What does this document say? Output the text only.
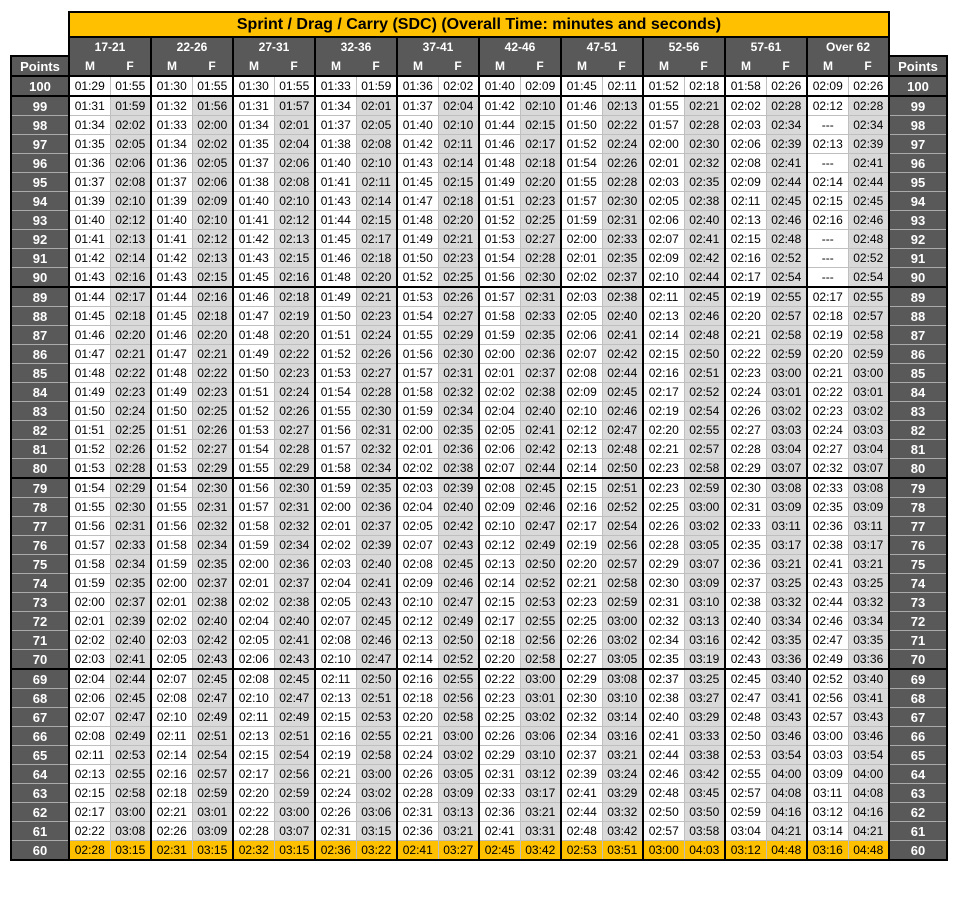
	Sprint / Drag / Carry (SDC) (Overall Time: minutes and seconds)																				
	17-21		22-26		27-31		32-36		37-41		42-46		47-51		52-56		57-61		Over 62		
Points	M	F	M	F	M	F	M	F	M	F	M	F	M	F	M	F	M	F	M	F	Points
100	01:29	01:55	01:30	01:55	01:30	01:55	01:33	01:59	01:36	02:02	01:40	02:09	01:45	02:11	01:52	02:18	01:58	02:26	02:09	02:26	100
99	01:31	01:59	01:32	01:56	01:31	01:57	01:34	02:01	01:37	02:04	01:42	02:10	01:46	02:13	01:55	02:21	02:02	02:28	02:12	02:28	99
98	01:34	02:02	01:33	02:00	01:34	02:01	01:37	02:05	01:40	02:10	01:44	02:15	01:50	02:22	01:57	02:28	02:03	02:34	---	02:34	98
97	01:35	02:05	01:34	02:02	01:35	02:04	01:38	02:08	01:42	02:11	01:46	02:17	01:52	02:24	02:00	02:30	02:06	02:39	02:13	02:39	97
96	01:36	02:06	01:36	02:05	01:37	02:06	01:40	02:10	01:43	02:14	01:48	02:18	01:54	02:26	02:01	02:32	02:08	02:41	---	02:41	96
95	01:37	02:08	01:37	02:06	01:38	02:08	01:41	02:11	01:45	02:15	01:49	02:20	01:55	02:28	02:03	02:35	02:09	02:44	02:14	02:44	95
94	01:39	02:10	01:39	02:09	01:40	02:10	01:43	02:14	01:47	02:18	01:51	02:23	01:57	02:30	02:05	02:38	02:11	02:45	02:15	02:45	94
93	01:40	02:12	01:40	02:10	01:41	02:12	01:44	02:15	01:48	02:20	01:52	02:25	01:59	02:31	02:06	02:40	02:13	02:46	02:16	02:46	93
92	01:41	02:13	01:41	02:12	01:42	02:13	01:45	02:17	01:49	02:21	01:53	02:27	02:00	02:33	02:07	02:41	02:15	02:48	---	02:48	92
91	01:42	02:14	01:42	02:13	01:43	02:15	01:46	02:18	01:50	02:23	01:54	02:28	02:01	02:35	02:09	02:42	02:16	02:52	---	02:52	91
90	01:43	02:16	01:43	02:15	01:45	02:16	01:48	02:20	01:52	02:25	01:56	02:30	02:02	02:37	02:10	02:44	02:17	02:54	---	02:54	90
89	01:44	02:17	01:44	02:16	01:46	02:18	01:49	02:21	01:53	02:26	01:57	02:31	02:03	02:38	02:11	02:45	02:19	02:55	02:17	02:55	89
88	01:45	02:18	01:45	02:18	01:47	02:19	01:50	02:23	01:54	02:27	01:58	02:33	02:05	02:40	02:13	02:46	02:20	02:57	02:18	02:57	88
87	01:46	02:20	01:46	02:20	01:48	02:20	01:51	02:24	01:55	02:29	01:59	02:35	02:06	02:41	02:14	02:48	02:21	02:58	02:19	02:58	87
86	01:47	02:21	01:47	02:21	01:49	02:22	01:52	02:26	01:56	02:30	02:00	02:36	02:07	02:42	02:15	02:50	02:22	02:59	02:20	02:59	86
85	01:48	02:22	01:48	02:22	01:50	02:23	01:53	02:27	01:57	02:31	02:01	02:37	02:08	02:44	02:16	02:51	02:23	03:00	02:21	03:00	85
84	01:49	02:23	01:49	02:23	01:51	02:24	01:54	02:28	01:58	02:32	02:02	02:38	02:09	02:45	02:17	02:52	02:24	03:01	02:22	03:01	84
83	01:50	02:24	01:50	02:25	01:52	02:26	01:55	02:30	01:59	02:34	02:04	02:40	02:10	02:46	02:19	02:54	02:26	03:02	02:23	03:02	83
82	01:51	02:25	01:51	02:26	01:53	02:27	01:56	02:31	02:00	02:35	02:05	02:41	02:12	02:47	02:20	02:55	02:27	03:03	02:24	03:03	82
81	01:52	02:26	01:52	02:27	01:54	02:28	01:57	02:32	02:01	02:36	02:06	02:42	02:13	02:48	02:21	02:57	02:28	03:04	02:27	03:04	81
80	01:53	02:28	01:53	02:29	01:55	02:29	01:58	02:34	02:02	02:38	02:07	02:44	02:14	02:50	02:23	02:58	02:29	03:07	02:32	03:07	80
79	01:54	02:29	01:54	02:30	01:56	02:30	01:59	02:35	02:03	02:39	02:08	02:45	02:15	02:51	02:23	02:59	02:30	03:08	02:33	03:08	79
78	01:55	02:30	01:55	02:31	01:57	02:31	02:00	02:36	02:04	02:40	02:09	02:46	02:16	02:52	02:25	03:00	02:31	03:09	02:35	03:09	78
77	01:56	02:31	01:56	02:32	01:58	02:32	02:01	02:37	02:05	02:42	02:10	02:47	02:17	02:54	02:26	03:02	02:33	03:11	02:36	03:11	77
76	01:57	02:33	01:58	02:34	01:59	02:34	02:02	02:39	02:07	02:43	02:12	02:49	02:19	02:56	02:28	03:05	02:35	03:17	02:38	03:17	76
75	01:58	02:34	01:59	02:35	02:00	02:36	02:03	02:40	02:08	02:45	02:13	02:50	02:20	02:57	02:29	03:07	02:36	03:21	02:41	03:21	75
74	01:59	02:35	02:00	02:37	02:01	02:37	02:04	02:41	02:09	02:46	02:14	02:52	02:21	02:58	02:30	03:09	02:37	03:25	02:43	03:25	74
73	02:00	02:37	02:01	02:38	02:02	02:38	02:05	02:43	02:10	02:47	02:15	02:53	02:23	02:59	02:31	03:10	02:38	03:32	02:44	03:32	73
72	02:01	02:39	02:02	02:40	02:04	02:40	02:07	02:45	02:12	02:49	02:17	02:55	02:25	03:00	02:32	03:13	02:40	03:34	02:46	03:34	72
71	02:02	02:40	02:03	02:42	02:05	02:41	02:08	02:46	02:13	02:50	02:18	02:56	02:26	03:02	02:34	03:16	02:42	03:35	02:47	03:35	71
70	02:03	02:41	02:05	02:43	02:06	02:43	02:10	02:47	02:14	02:52	02:20	02:58	02:27	03:05	02:35	03:19	02:43	03:36	02:49	03:36	70
69	02:04	02:44	02:07	02:45	02:08	02:45	02:11	02:50	02:16	02:55	02:22	03:00	02:29	03:08	02:37	03:25	02:45	03:40	02:52	03:40	69
68	02:06	02:45	02:08	02:47	02:10	02:47	02:13	02:51	02:18	02:56	02:23	03:01	02:30	03:10	02:38	03:27	02:47	03:41	02:56	03:41	68
67	02:07	02:47	02:10	02:49	02:11	02:49	02:15	02:53	02:20	02:58	02:25	03:02	02:32	03:14	02:40	03:29	02:48	03:43	02:57	03:43	67
66	02:08	02:49	02:11	02:51	02:13	02:51	02:16	02:55	02:21	03:00	02:26	03:06	02:34	03:16	02:41	03:33	02:50	03:46	03:00	03:46	66
65	02:11	02:53	02:14	02:54	02:15	02:54	02:19	02:58	02:24	03:02	02:29	03:10	02:37	03:21	02:44	03:38	02:53	03:54	03:03	03:54	65
64	02:13	02:55	02:16	02:57	02:17	02:56	02:21	03:00	02:26	03:05	02:31	03:12	02:39	03:24	02:46	03:42	02:55	04:00	03:09	04:00	64
63	02:15	02:58	02:18	02:59	02:20	02:59	02:24	03:02	02:28	03:09	02:33	03:17	02:41	03:29	02:48	03:45	02:57	04:08	03:11	04:08	63
62	02:17	03:00	02:21	03:01	02:22	03:00	02:26	03:06	02:31	03:13	02:36	03:21	02:44	03:32	02:50	03:50	02:59	04:16	03:12	04:16	62
61	02:22	03:08	02:26	03:09	02:28	03:07	02:31	03:15	02:36	03:21	02:41	03:31	02:48	03:42	02:57	03:58	03:04	04:21	03:14	04:21	61
60	02:28	03:15	02:31	03:15	02:32	03:15	02:36	03:22	02:41	03:27	02:45	03:42	02:53	03:51	03:00	04:03	03:12	04:48	03:16	04:48	60
